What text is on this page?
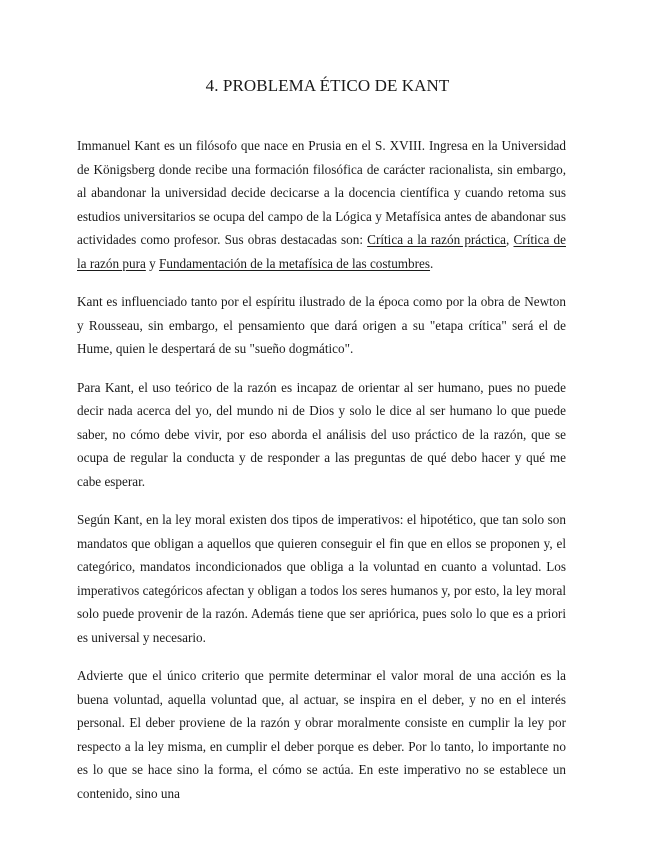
4. PROBLEMA ÉTICO DE KANT

Immanuel Kant es un filósofo que nace en Prusia en el S. XVIII. Ingresa en la Universidad de Königsberg donde recibe una formación filosófica de carácter racionalista, sin embargo, al abandonar la universidad decide decicarse a la docencia científica y cuando retoma sus estudios universitarios se ocupa del campo de la Lógica y Metafísica antes de abandonar sus actividades como profesor. Sus obras destacadas son: Crítica a la razón práctica, Crítica de la razón pura y Fundamentación de la metafísica de las costumbres.

Kant es influenciado tanto por el espíritu ilustrado de la época como por la obra de Newton y Rousseau, sin embargo, el pensamiento que dará origen a su "etapa crítica" será el de Hume, quien le despertará de su "sueño dogmático".

Para Kant, el uso teórico de la razón es incapaz de orientar al ser humano, pues no puede decir nada acerca del yo, del mundo ni de Dios y solo le dice al ser humano lo que puede saber, no cómo debe vivir, por eso aborda el análisis del uso práctico de la razón, que se ocupa de regular la conducta y de responder a las preguntas de qué debo hacer y qué me cabe esperar.

Según Kant, en la ley moral existen dos tipos de imperativos: el hipotético, que tan solo son mandatos que obligan a aquellos que quieren conseguir el fin que en ellos se proponen y, el categórico, mandatos incondicionados que obliga a la voluntad en cuanto a voluntad. Los imperativos categóricos afectan y obligan a todos los seres humanos y, por esto, la ley moral solo puede provenir de la razón. Además tiene que ser apriórica, pues solo lo que es a priori es universal y necesario.

Advierte que el único criterio que permite determinar el valor moral de una acción es la buena voluntad, aquella voluntad que, al actuar, se inspira en el deber, y no en el interés personal. El deber proviene de la razón y obrar moralmente consiste en cumplir la ley por respecto a la ley misma, en cumplir el deber porque es deber. Por lo tanto, lo importante no es lo que se hace sino la forma, el cómo se actúa. En este imperativo no se establece un contenido, sino una
